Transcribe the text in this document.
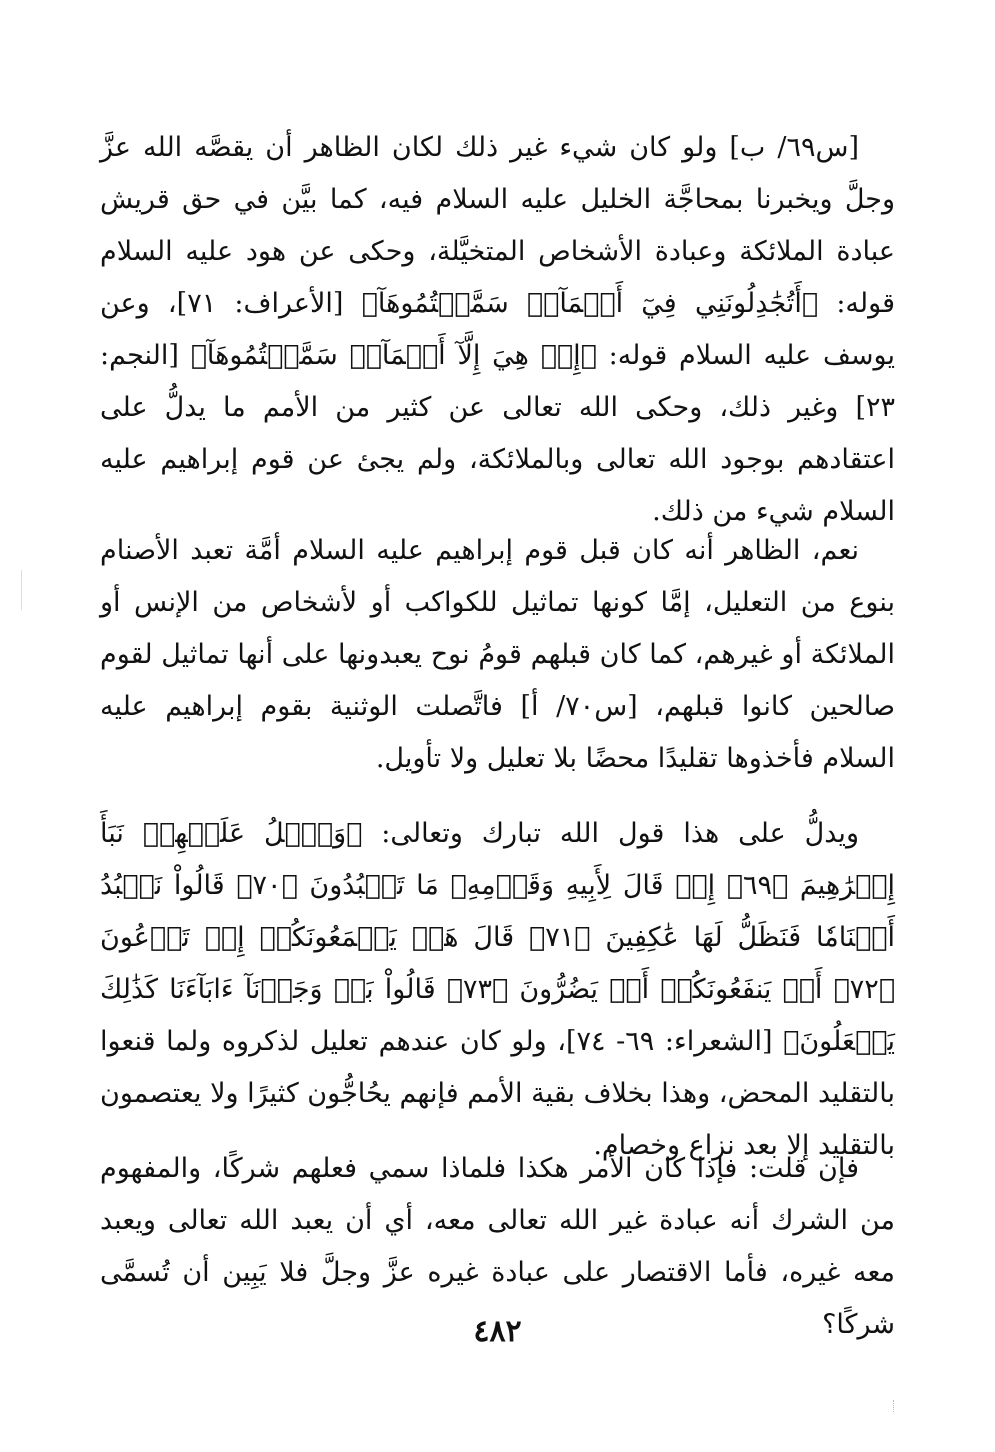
[س٦٩/ ب] ولو كان شيء غير ذلك لكان الظاهر أن يقصَّه الله عزَّ وجلَّ ويخبرنا بمحاجَّة الخليل عليه السلام فيه، كما بيَّن في حق قريش عبادة الملائكة وعبادة الأشخاص المتخيَّلة، وحكى عن هود عليه السلام قوله: ﴿أَتُجَٰدِلُونَنِي فِيٓ أَسۡمَآءٖ سَمَّيۡتُمُوهَآ﴾ [الأعراف: ٧١]، وعن يوسف عليه السلام قوله: ﴿إِنۡ هِيَ إِلَّآ أَسۡمَآءٞ سَمَّيۡتُمُوهَآ﴾ [النجم: ٢٣] وغير ذلك، وحكى الله تعالى عن كثير من الأمم ما يدلُّ على اعتقادهم بوجود الله تعالى وبالملائكة، ولم يجئ عن قوم إبراهيم عليه السلام شيء من ذلك.

نعم، الظاهر أنه كان قبل قوم إبراهيم عليه السلام أمَّة تعبد الأصنام بنوع من التعليل، إمَّا كونها تماثيل للكواكب أو لأشخاص من الإنس أو الملائكة أو غيرهم، كما كان قبلهم قومُ نوح يعبدونها على أنها تماثيل لقوم صالحين كانوا قبلهم، [س٧٠/ أ] فاتَّصلت الوثنية بقوم إبراهيم عليه السلام فأخذوها تقليدًا محضًا بلا تعليل ولا تأويل.

ويدلُّ على هذا قول الله تبارك وتعالى: ﴿وَٱتۡلُ عَلَيۡهِمۡ نَبَأَ إِبۡرَٰهِيمَ ﴿٦٩﴾ إِذۡ قَالَ لِأَبِيهِ وَقَوۡمِهِۦ مَا تَعۡبُدُونَ ﴿٧٠﴾ قَالُواْ نَعۡبُدُ أَصۡنَامٗا فَنَظَلُّ لَهَا عَٰكِفِينَ ﴿٧١﴾ قَالَ هَلۡ يَسۡمَعُونَكُمۡ إِذۡ تَدۡعُونَ ﴿٧٢﴾ أَوۡ يَنفَعُونَكُمۡ أَوۡ يَضُرُّونَ ﴿٧٣﴾ قَالُواْ بَلۡ وَجَدۡنَآ ءَابَآءَنَا كَذَٰلِكَ يَفۡعَلُونَ﴾ [الشعراء: ٦٩- ٧٤]، ولو كان عندهم تعليل لذكروه ولما قنعوا بالتقليد المحض، وهذا بخلاف بقية الأمم فإنهم يحُاجُّون كثيرًا ولا يعتصمون بالتقليد إلا بعد نزاع وخصام.

فإن قلت: فإذا كان الأمر هكذا فلماذا سمي فعلهم شركًا، والمفهوم من الشرك أنه عبادة غير الله تعالى معه، أي أن يعبد الله تعالى ويعبد معه غيره، فأما الاقتصار على عبادة غيره عزَّ وجلَّ فلا يَبِين أن تُسمَّى شركًا؟

٤٨٢
